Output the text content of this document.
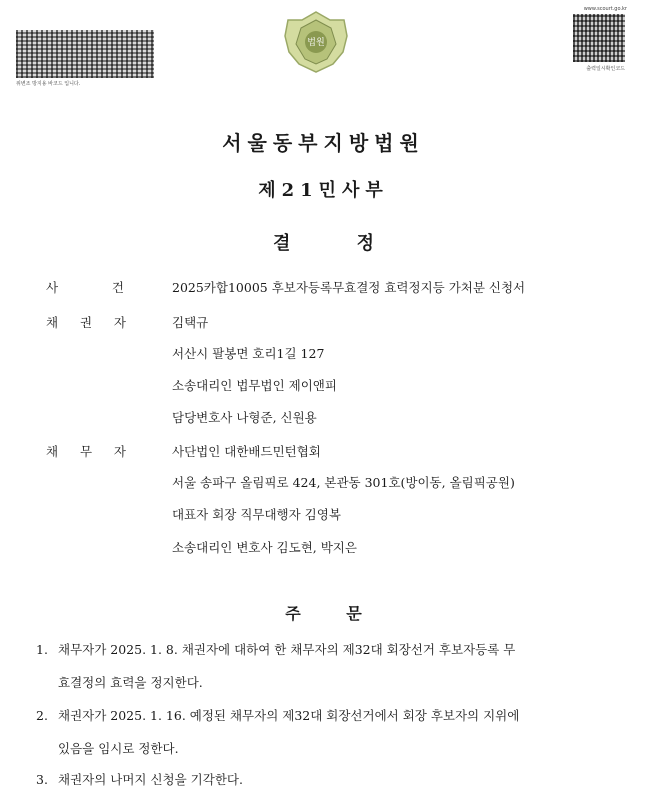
위변조 방지용 바코드 입니다.
법원
www.scourt.go.kr
출력일시확인코드
서울동부지방법원
제21민사부
결 정
사	건	2025카합10005 후보자등록무효결정 효력정지등 가처분 신청서
채 권 자	김택규
서산시 팔봉면 호리1길 127
소송대리인 법무법인 제이앤피
담당변호사 나형준, 신원용
채 무 자	사단법인 대한배드민턴협회
서울 송파구 올림픽로 424, 본관동 301호(방이동, 올림픽공원)
대표자 회장 직무대행자 김영복
소송대리인 변호사 김도현, 박지은
주 문
1. 채무자가 2025. 1. 8. 채권자에 대하여 한 채무자의 제32대 회장선거 후보자등록 무
효결정의 효력을 정지한다.
2. 채권자가 2025. 1. 16. 예정된 채무자의 제32대 회장선거에서 회장 후보자의 지위에
있음을 임시로 정한다.
3. 채권자의 나머지 신청을 기각한다.
